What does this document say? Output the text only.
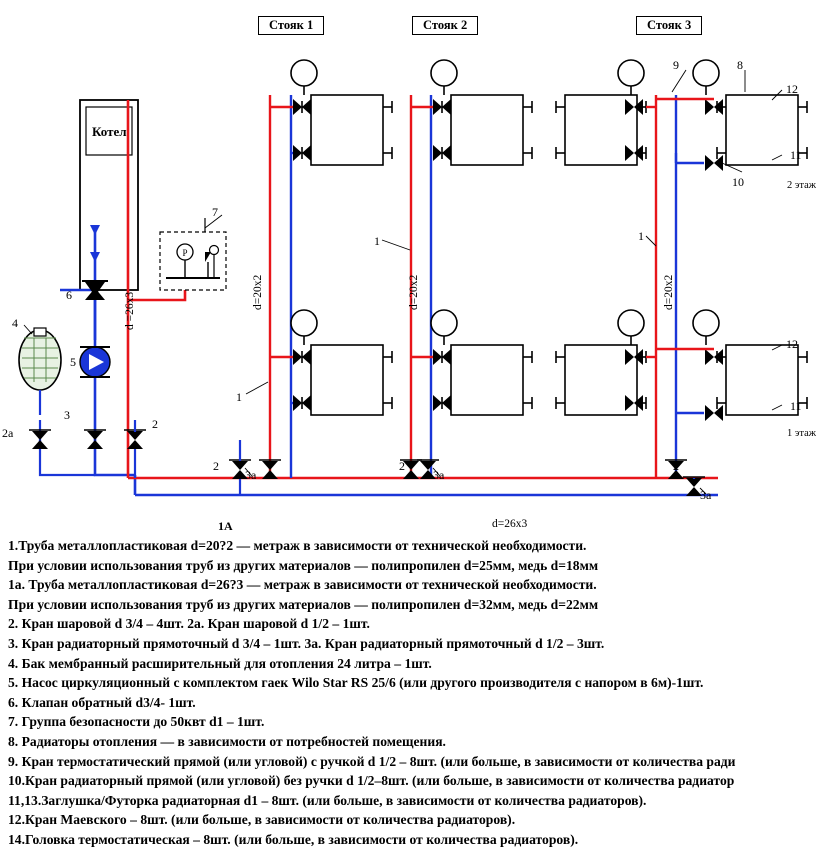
Р
Котел
Стояк 1	Стояк 2	Стояк 3
2 этаж
1 этаж
d=20х2	d=20х2	d=20х2
d =26х3
d=26х3
1
1	1
1A
2
2	2	2
2a
3
3a	3a
3a
4
5
6
7
8
9
10
11
11
12
12

1.Труба металлопластиковая d=20?2 — метраж в зависимости от технической необходимости.

При условии использования труб из других материалов — полипропилен d=25мм, медь d=18мм

1a. Труба металлопластиковая d=26?3 — метраж в зависимости от технической необходимости.

При условии использования труб из других материалов — полипропилен d=32мм, медь d=22мм

2. Кран шаровой d 3/4 – 4шт. 2a. Кран шаровой d 1/2 – 1шт.

3. Кран радиаторный прямоточный d 3/4 – 1шт. 3a. Кран радиаторный прямоточный d 1/2 – 3шт.

4. Бак мембранный расширительный для отопления 24 литра – 1шт.

5. Насос циркуляционный с комплектом гаек Wilo Star RS 25/6 (или другого производителя с напором в 6м)-1шт.

6. Клапан обратный d3/4- 1шт.

7. Группа безопасности до 50квт d1 – 1шт.

8. Радиаторы отопления — в зависимости от потребностей помещения.

9. Кран термостатический прямой (или угловой) с ручкой d 1/2 – 8шт. (или больше, в зависимости от количества ради

10.Кран радиаторный прямой (или угловой) без ручки d 1/2–8шт. (или больше, в зависимости от количества радиатор

11,13.Заглушка/Футорка радиаторная d1 – 8шт. (или больше, в зависимости от количества радиаторов).

12.Кран Маевского – 8шт. (или больше, в зависимости от количества радиаторов).

14.Головка термостатическая – 8шт. (или больше, в зависимости от количества радиаторов).
